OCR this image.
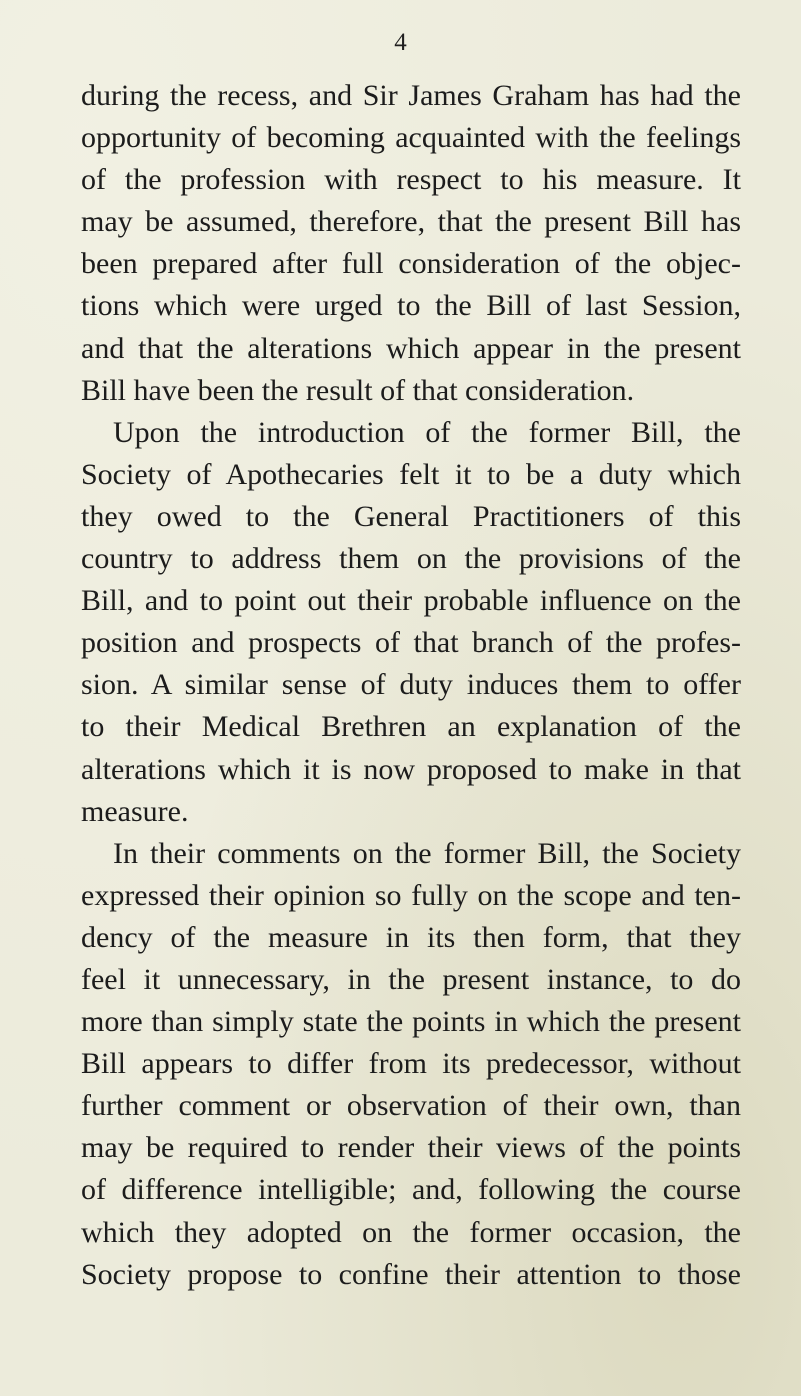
4

during the recess, and Sir James Graham has had the
opportunity of becoming acquainted with the feelings
of the profession with respect to his measure. It
may be assumed, therefore, that the present Bill has
been prepared after full consideration of the objec-
tions which were urged to the Bill of last Session,
and that the alterations which appear in the present
Bill have been the result of that consideration.
Upon the introduction of the former Bill, the
Society of Apothecaries felt it to be a duty which
they owed to the General Practitioners of this
country to address them on the provisions of the
Bill, and to point out their probable influence on the
position and prospects of that branch of the profes-
sion. A similar sense of duty induces them to offer
to their Medical Brethren an explanation of the
alterations which it is now proposed to make in that
measure.
In their comments on the former Bill, the Society
expressed their opinion so fully on the scope and ten-
dency of the measure in its then form, that they
feel it unnecessary, in the present instance, to do
more than simply state the points in which the present
Bill appears to differ from its predecessor, without
further comment or observation of their own, than
may be required to render their views of the points
of difference intelligible; and, following the course
which they adopted on the former occasion, the
Society propose to confine their attention to those
